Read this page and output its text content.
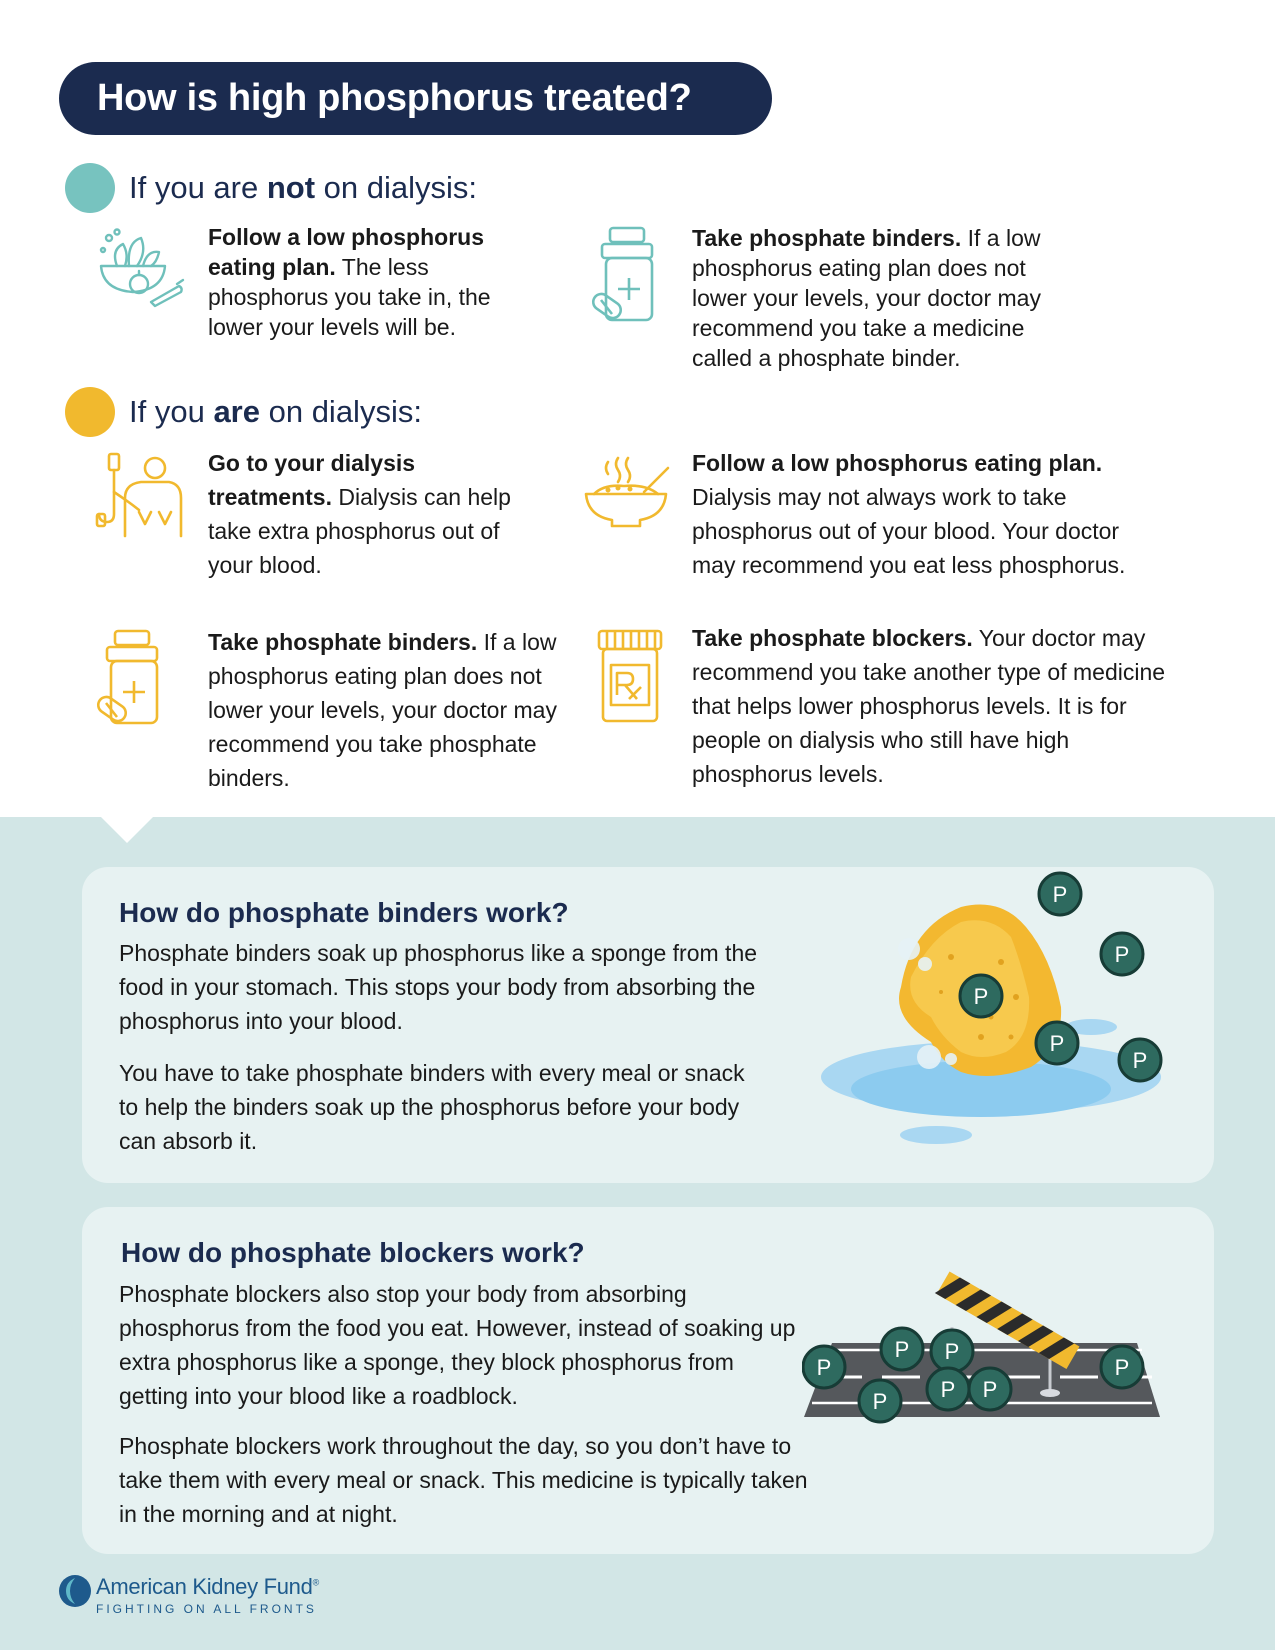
How is high phosphorus treated?
If you are not on dialysis:
Follow a low phosphorus eating plan. The less phosphorus you take in, the lower your levels will be.
Take phosphate binders. If a low phosphorus eating plan does not lower your levels, your doctor may recommend you take a medicine called a phosphate binder.
If you are on dialysis:
Go to your dialysis treatments. Dialysis can help take extra phosphorus out of your blood.
Follow a low phosphorus eating plan. Dialysis may not always work to take phosphorus out of your blood. Your doctor may recommend you eat less phosphorus.
Take phosphate binders. If a low phosphorus eating plan does not lower your levels, your doctor may recommend you take phosphate binders.
Take phosphate blockers. Your doctor may recommend you take another type of medicine that helps lower phosphorus levels. It is for people on dialysis who still have high phosphorus levels.
How do phosphate binders work?

Phosphate binders soak up phosphorus like a sponge from the food in your stomach. This stops your body from absorbing the phosphorus into your blood.

You have to take phosphate binders with every meal or snack to help the binders soak up the phosphorus before your body can absorb it.

P
P
P
P
P
How do phosphate blockers work?

Phosphate blockers also stop your body from absorbing phosphorus from the food you eat. However, instead of soaking up extra phosphorus like a sponge, they block phosphorus from getting into your blood like a roadblock.

Phosphate blockers work throughout the day, so you don’t have to take them with every meal or snack. This medicine is typically taken in the morning and at night.

P
P P
P P P
P
American Kidney Fund®
FIGHTING ON ALL FRONTS
